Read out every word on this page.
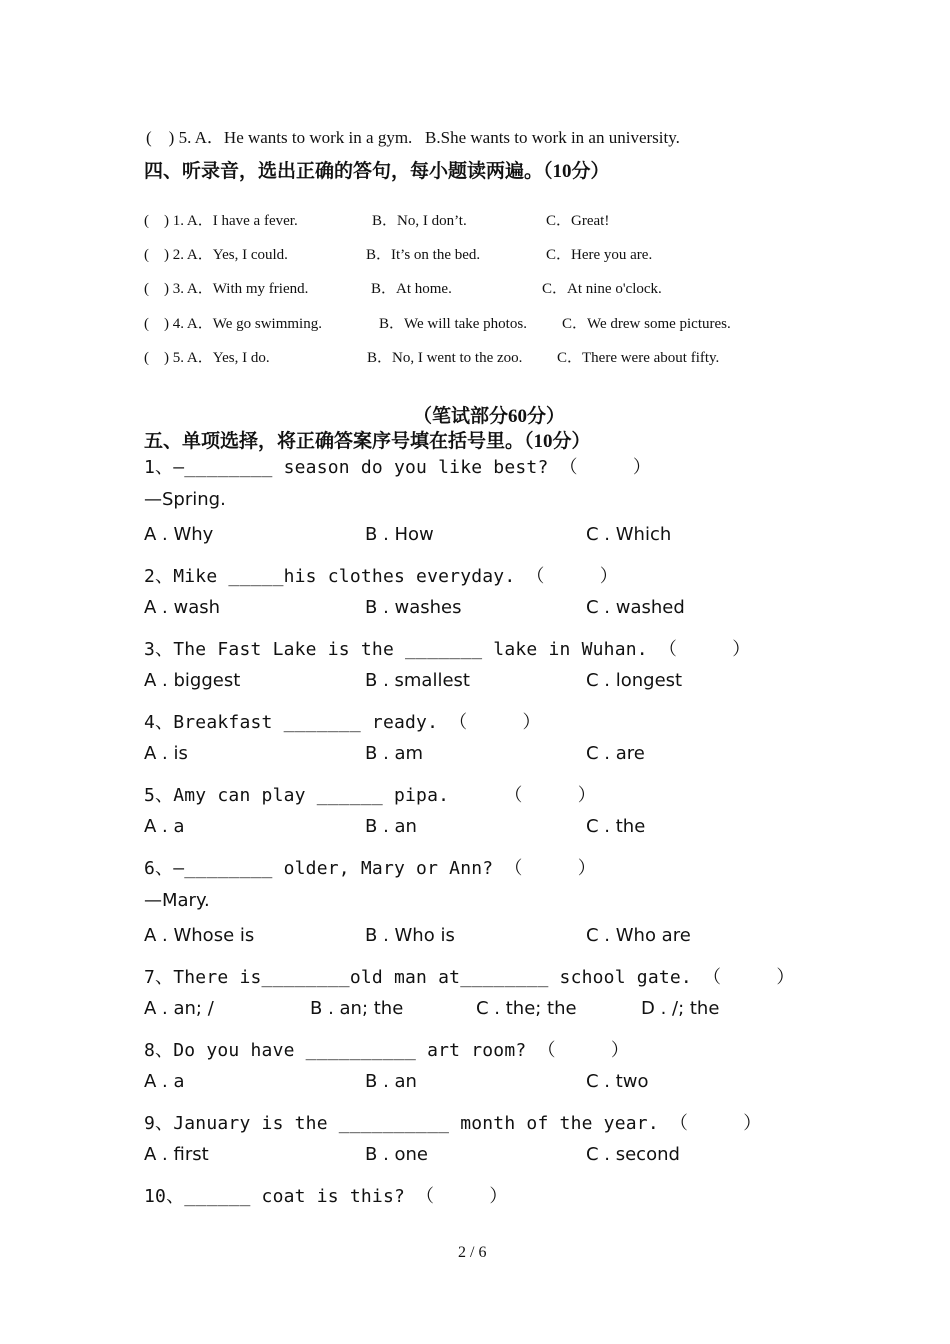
(    ) 5. A．He wants to work in a gym.   B.She wants to work in an university.
四、听录音，选出正确的答句，每小题读两遍。（10分）
(    ) 1. A．I have a fever.	B．No, I don’t.	C．Great!
(    ) 2. A．Yes, I could.	B．It’s on the bed.	C．Here you are.
(    ) 3. A．With my friend.	B．At home.	C．At nine o'clock.
(    ) 4. A．We go swimming.	B．We will take photos. C．We drew some pictures.
(    ) 5. A．Yes, I do.	B．No, I went to the zoo. C．There were about fifty.
（笔试部分60分）
五、单项选择，将正确答案序号填在括号里。（10分）
1、—________ season do you like best? （     ）
—Spring.
A . Why	B . How	C . Which
2、Mike _____his clothes everyday. （     ）
A . wash	B . washes	C . washed
3、The Fast Lake is the _______ lake in Wuhan. （     ）
A . biggest	B . smallest	C . longest
4、Breakfast _______ ready. （     ）
A . is	B . am	C . are
5、Amy can play ______ pipa.     （     ）
A . a	B . an	C . the
6、—________ older, Mary or Ann? （     ）
—Mary.
A . Whose is	B . Who is	C . Who are
7、There is________old man at________ school gate. （     ）
A . an; /	B . an; the	C . the; the	D . /; the
8、Do you have __________ art room? （     ）
A . a	B . an	C . two
9、January is the __________ month of the year. （     ）
A . first	B . one	C . second
10、______ coat is this? （     ）
2 / 6
